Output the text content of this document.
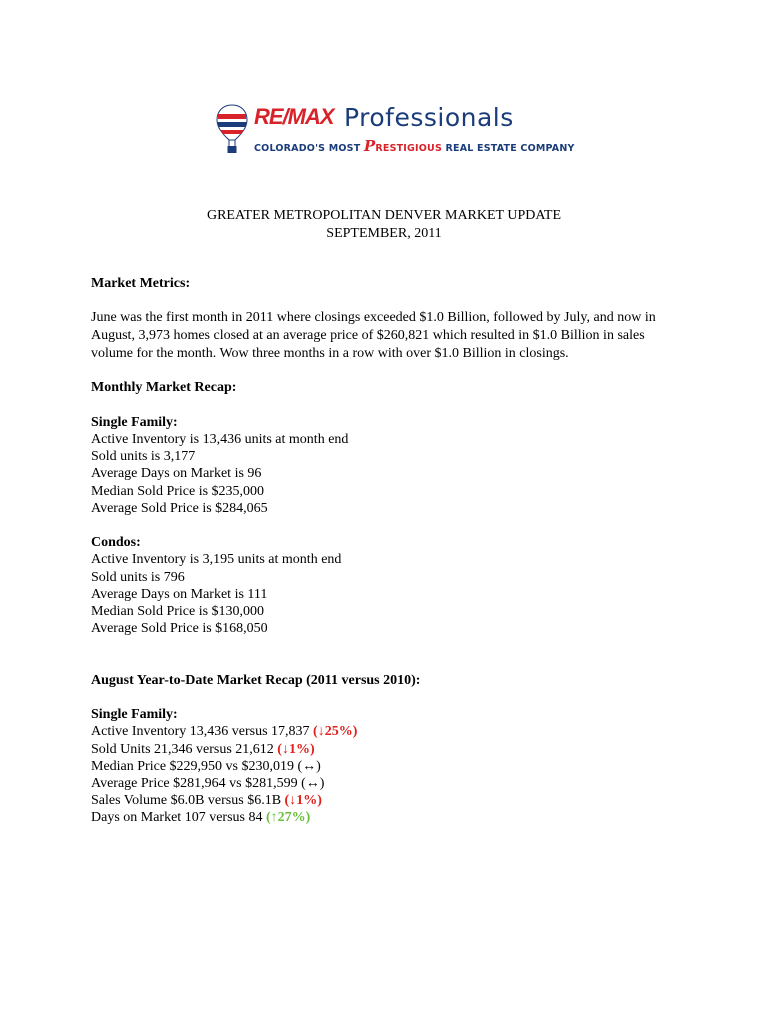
RE/MAX Professionals
COLORADO'S MOST PRESTIGIOUS REAL ESTATE COMPANY
GREATER METROPOLITAN DENVER MARKET UPDATE
SEPTEMBER, 2011

Market Metrics:

June was the first month in 2011 where closings exceeded $1.0 Billion, followed by July, and now in August, 3,973 homes closed at an average price of $260,821 which resulted in $1.0 Billion in sales volume for the month. Wow three months in a row with over $1.0 Billion in closings.

Monthly Market Recap:

Single Family:

Active Inventory is 13,436 units at month end

Sold units is 3,177

Average Days on Market is 96

Median Sold Price is $235,000

Average Sold Price is $284,065

Condos:

Active Inventory is 3,195 units at month end

Sold units is 796

Average Days on Market is 111

Median Sold Price is $130,000

Average Sold Price is $168,050

August Year-to-Date Market Recap (2011 versus 2010):

Single Family:

Active Inventory 13,436 versus 17,837 (↓25%)

Sold Units 21,346 versus 21,612 (↓1%)

Median Price $229,950 vs $230,019 (↔)

Average Price $281,964 vs $281,599 (↔)

Sales Volume $6.0B versus $6.1B (↓1%)

Days on Market 107 versus 84 (↑27%)
